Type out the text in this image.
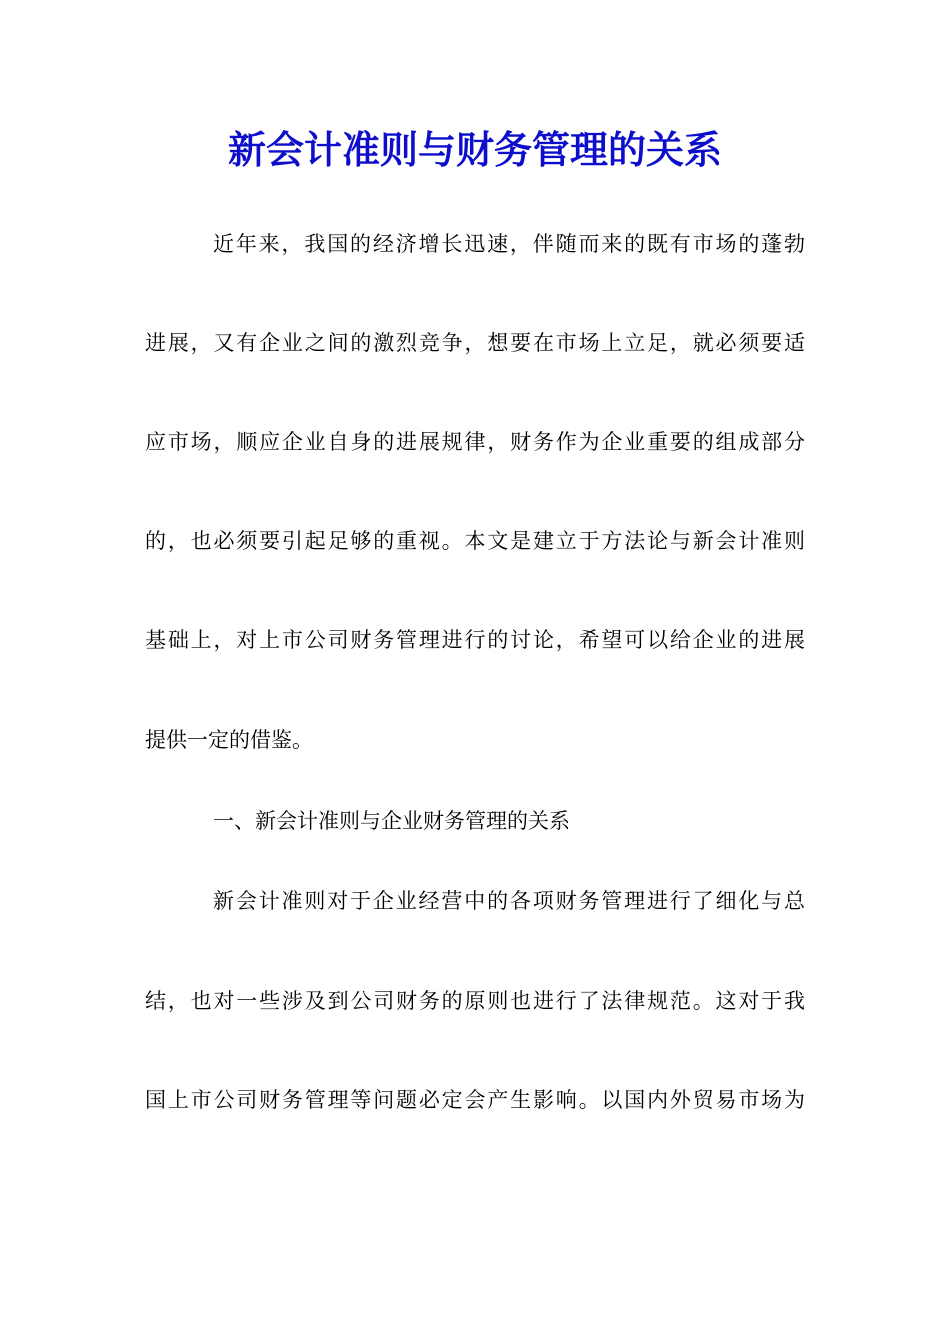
新会计准则与财务管理的关系
近年来，我国的经济增长迅速，伴随而来的既有市场的蓬勃
进展，又有企业之间的激烈竞争，想要在市场上立足，就必须要适
应市场，顺应企业自身的进展规律，财务作为企业重要的组成部分
的，也必须要引起足够的重视。本文是建立于方法论与新会计准则
基础上，对上市公司财务管理进行的讨论，希望可以给企业的进展
提供一定的借鉴。
一、新会计准则与企业财务管理的关系
新会计准则对于企业经营中的各项财务管理进行了细化与总
结，也对一些涉及到公司财务的原则也进行了法律规范。这对于我
国上市公司财务管理等问题必定会产生影响。以国内外贸易市场为
